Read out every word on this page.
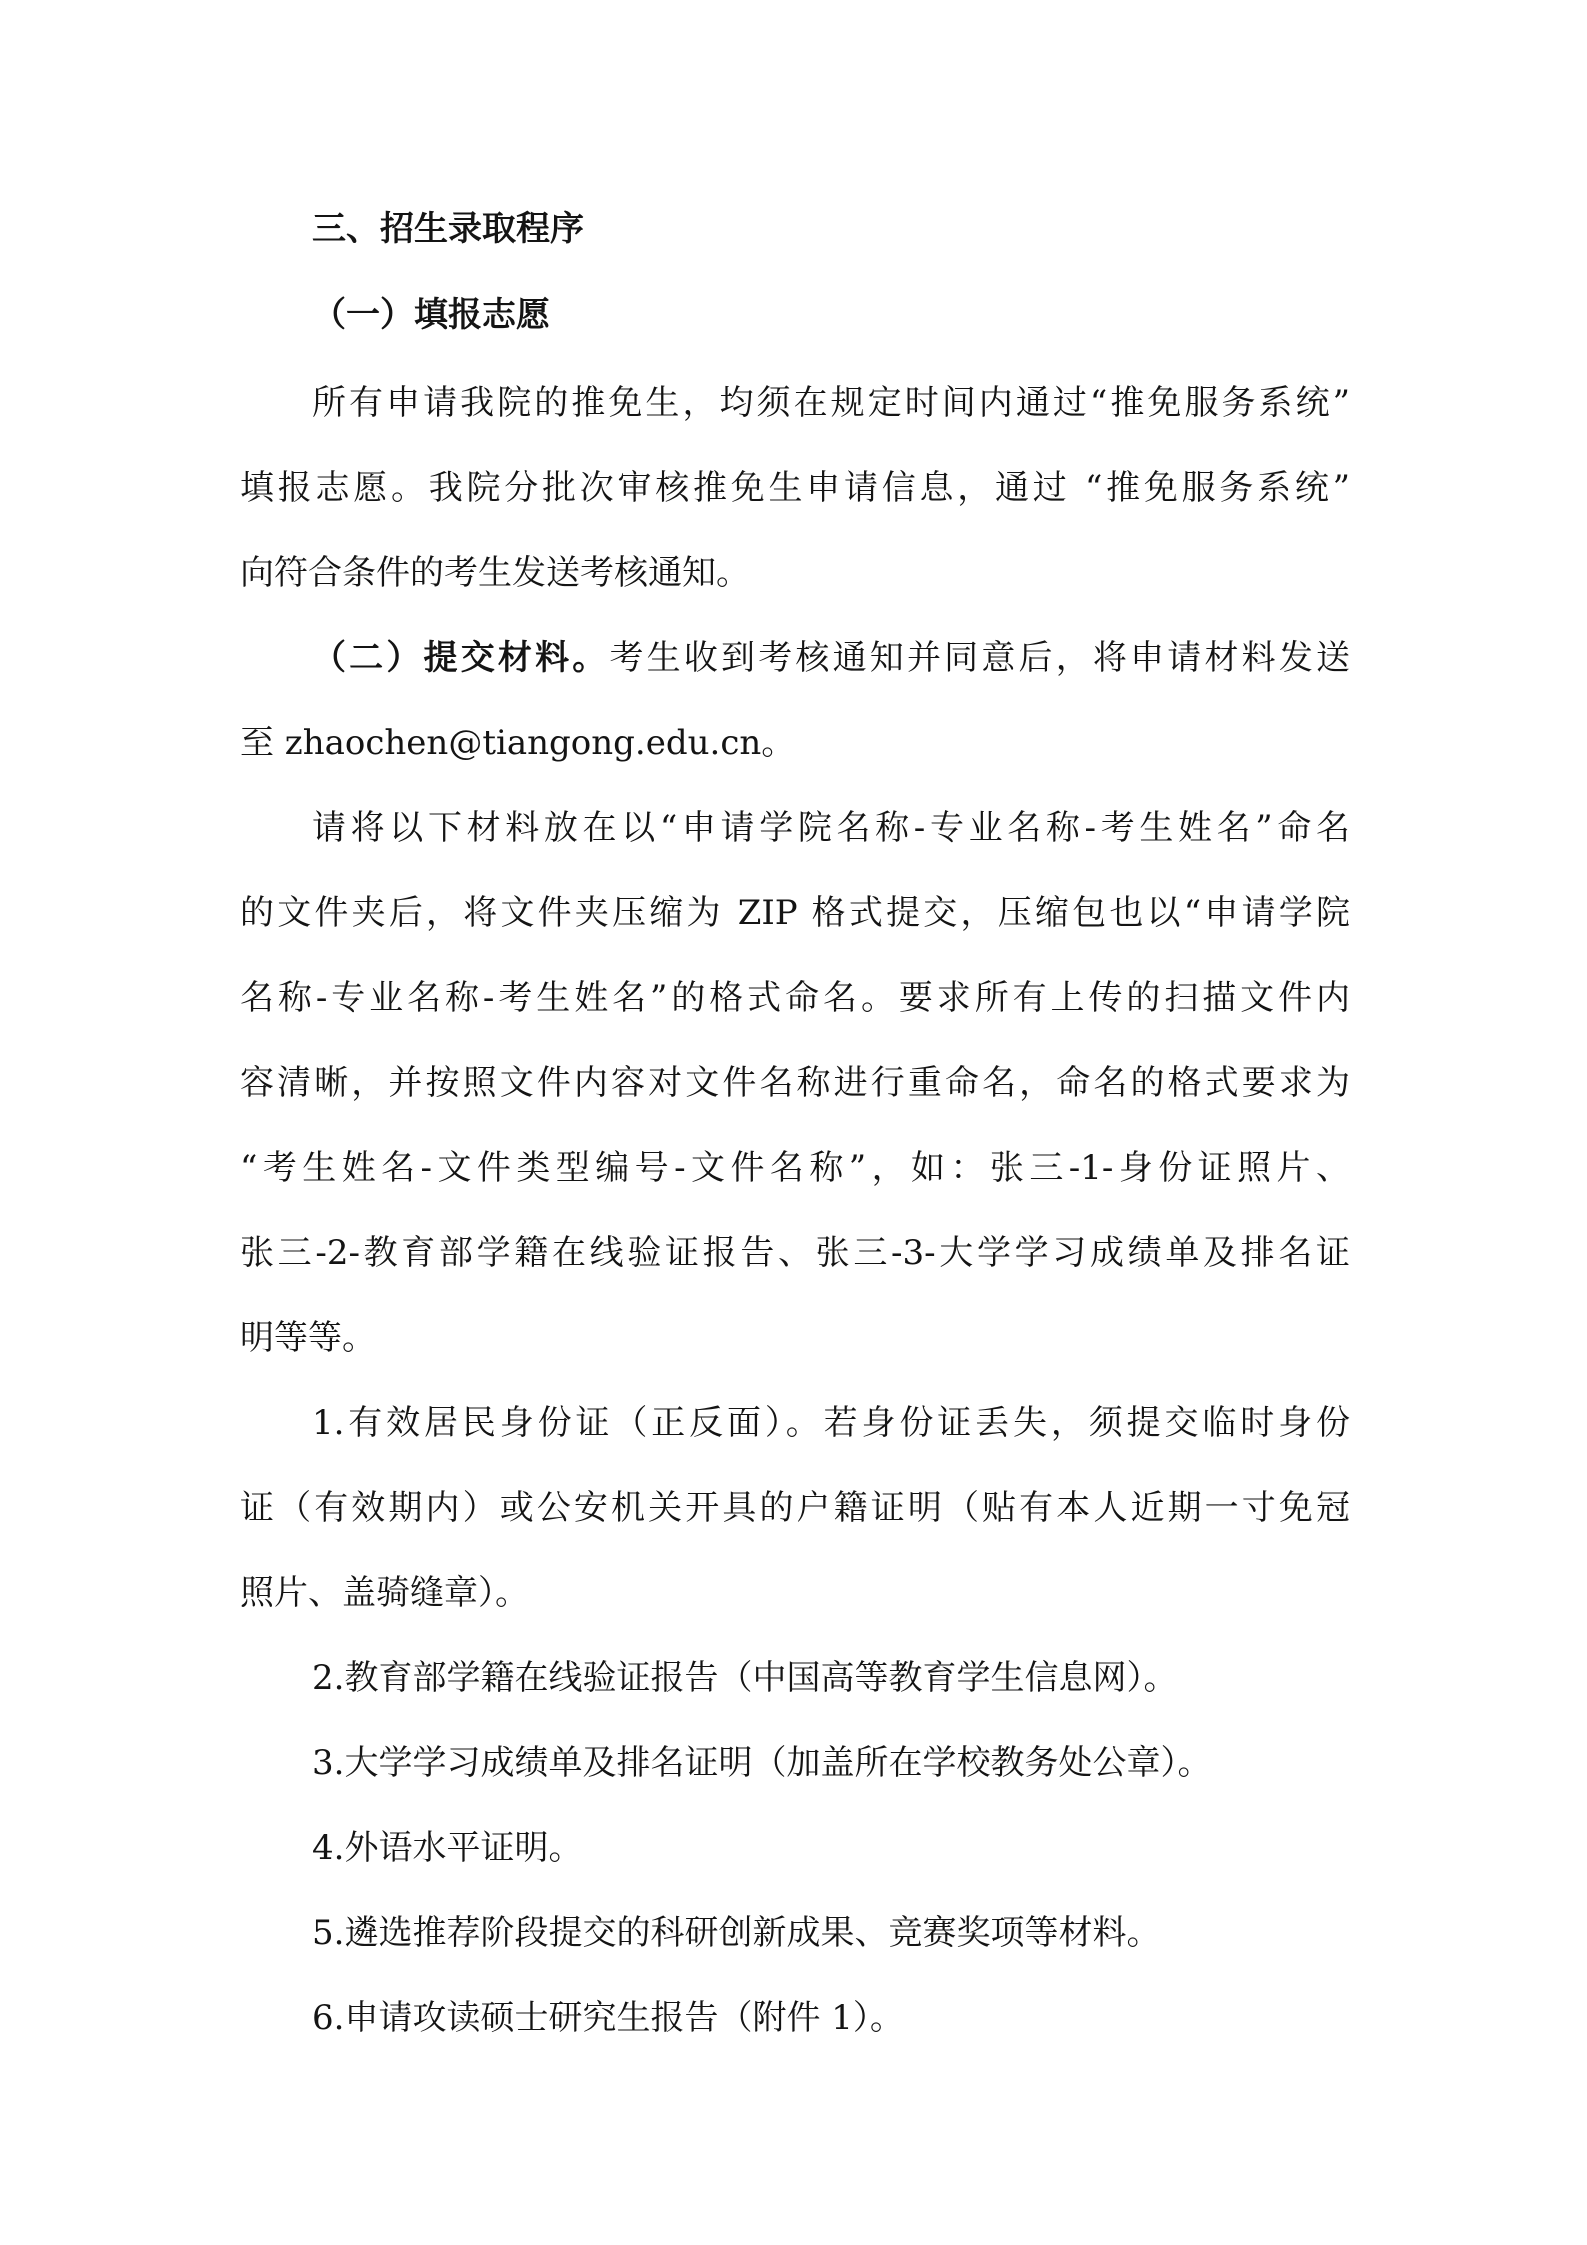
三、招生录取程序
（一）填报志愿
所有申请我院的推免生，均须在规定时间内通过“推免服务系统”
填报志愿。我院分批次审核推免生申请信息，通过 “推免服务系统”
向符合条件的考生发送考核通知。
（二）提交材料。考生收到考核通知并同意后，将申请材料发送
至 zhaochen@tiangong.edu.cn。
请将以下材料放在以“申请学院名称-专业名称-考生姓名”命名
的文件夹后，将文件夹压缩为 ZIP 格式提交，压缩包也以“申请学院
名称-专业名称-考生姓名”的格式命名。要求所有上传的扫描文件内
容清晰，并按照文件内容对文件名称进行重命名，命名的格式要求为
“考生姓名-文件类型编号-文件名称”，如：张三-1-身份证照片、
张三-2-教育部学籍在线验证报告、张三-3-大学学习成绩单及排名证
明等等。
1.有效居民身份证（正反面）。若身份证丢失，须提交临时身份
证（有效期内）或公安机关开具的户籍证明（贴有本人近期一寸免冠
照片、盖骑缝章）。
2.教育部学籍在线验证报告（中国高等教育学生信息网）。
3.大学学习成绩单及排名证明（加盖所在学校教务处公章）。
4.外语水平证明。
5.遴选推荐阶段提交的科研创新成果、竞赛奖项等材料。
6.申请攻读硕士研究生报告（附件 1）。
